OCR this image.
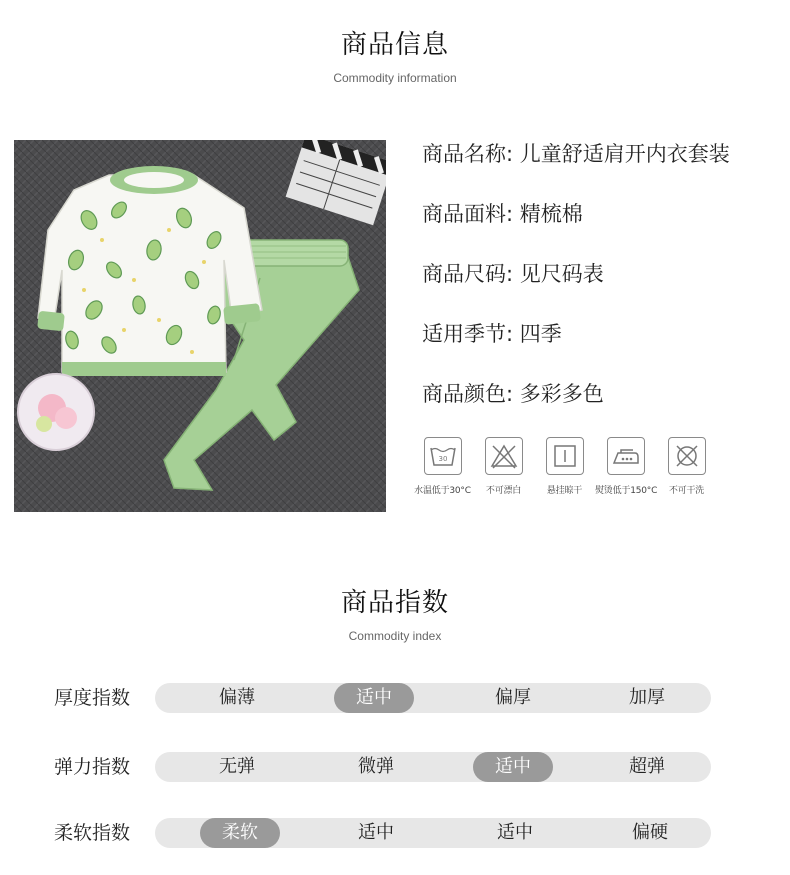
商品信息
Commodity information
商品名称: 儿童舒适肩开内衣套装
商品面料: 精梳棉
商品尺码: 见尺码表
适用季节: 四季
商品颜色: 多彩多色
30
水温低于30°C	不可漂白	悬挂晾干	熨烫低于150°C	不可干洗
商品指数
Commodity index
厚度指数	偏薄	适中	偏厚	加厚
弹力指数	无弹	微弹	适中	超弹
柔软指数	柔软	适中	适中	偏硬
